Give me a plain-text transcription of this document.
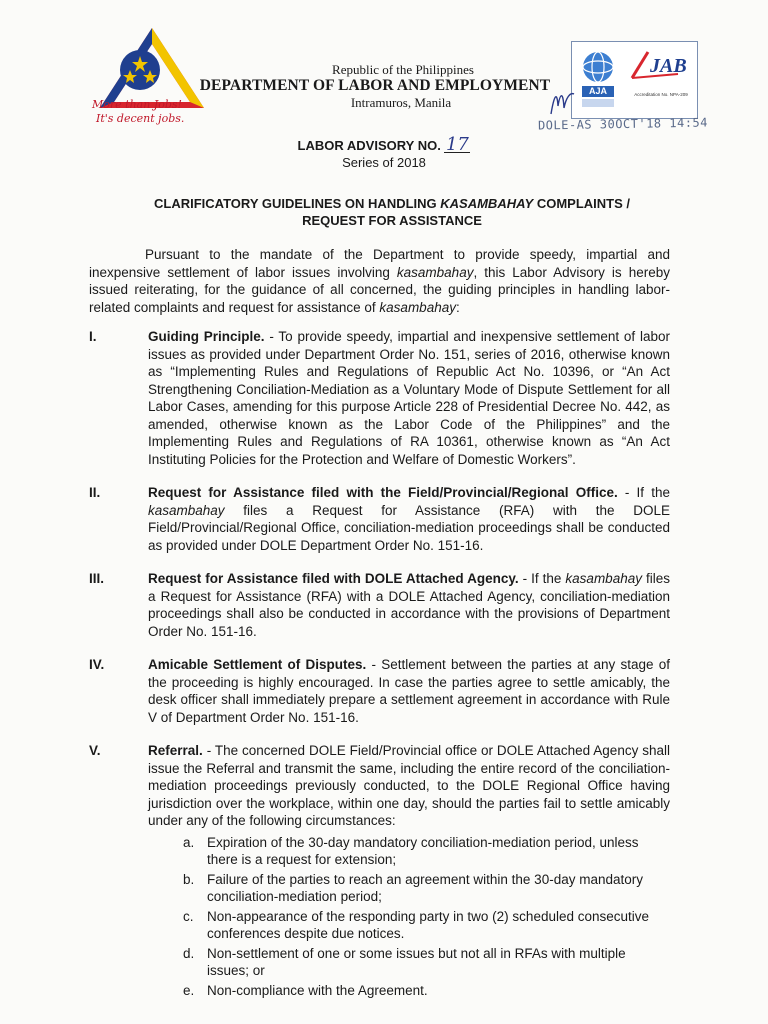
More than Jobs!
It's decent jobs.
Republic of the Philippines
DEPARTMENT OF LABOR AND EMPLOYMENT
Intramuros, Manila
AJA
JAB
Accreditation No. NPA-209
DOLE-AS 30OCT'18 14:54
LABOR ADVISORY NO. 17
Series of 2018
CLARIFICATORY GUIDELINES ON HANDLING KASAMBAHAY COMPLAINTS /
REQUEST FOR ASSISTANCE

Pursuant to the mandate of the Department to provide speedy, impartial and inexpensive settlement of labor issues involving kasambahay, this Labor Advisory is hereby issued reiterating, for the guidance of all concerned, the guiding principles in handling labor-related complaints and request for assistance of kasambahay:

I.	Guiding Principle. - To provide speedy, impartial and inexpensive settlement of labor issues as provided under Department Order No. 151, series of 2016, otherwise known as “Implementing Rules and Regulations of Republic Act No. 10396, or “An Act Strengthening Conciliation-Mediation as a Voluntary Mode of Dispute Settlement for all Labor Cases, amending for this purpose Article 228 of Presidential Decree No. 442, as amended, otherwise known as the Labor Code of the Philippines” and the Implementing Rules and Regulations of RA 10361, otherwise known as “An Act Instituting Policies for the Protection and Welfare of Domestic Workers”.
II.	Request for Assistance filed with the Field/Provincial/Regional Office. - If the kasambahay files a Request for Assistance (RFA) with the DOLE Field/Provincial/Regional Office, conciliation-mediation proceedings shall be conducted as provided under DOLE Department Order No. 151-16.
III.	Request for Assistance filed with DOLE Attached Agency. - If the kasambahay files a Request for Assistance (RFA) with a DOLE Attached Agency, conciliation-mediation proceedings shall also be conducted in accordance with the provisions of Department Order No. 151-16.
IV.	Amicable Settlement of Disputes. - Settlement between the parties at any stage of the proceeding is highly encouraged. In case the parties agree to settle amicably, the desk officer shall immediately prepare a settlement agreement in accordance with Rule V of Department Order No. 151-16.
V.	Referral. - The concerned DOLE Field/Provincial office or DOLE Attached Agency shall issue the Referral and transmit the same, including the entire record of the conciliation-mediation proceedings previously conducted, to the DOLE Regional Office having jurisdiction over the workplace, within one day, should the parties fail to settle amicably under any of the following circumstances:
a. Expiration of the 30-day mandatory conciliation-mediation period, unless there is a request for extension;
b. Failure of the parties to reach an agreement within the 30-day mandatory conciliation-mediation period;
c. Non-appearance of the responding party in two (2) scheduled consecutive conferences despite due notices.
d. Non-settlement of one or some issues but not all in RFAs with multiple issues; or
e. Non-compliance with the Agreement.
